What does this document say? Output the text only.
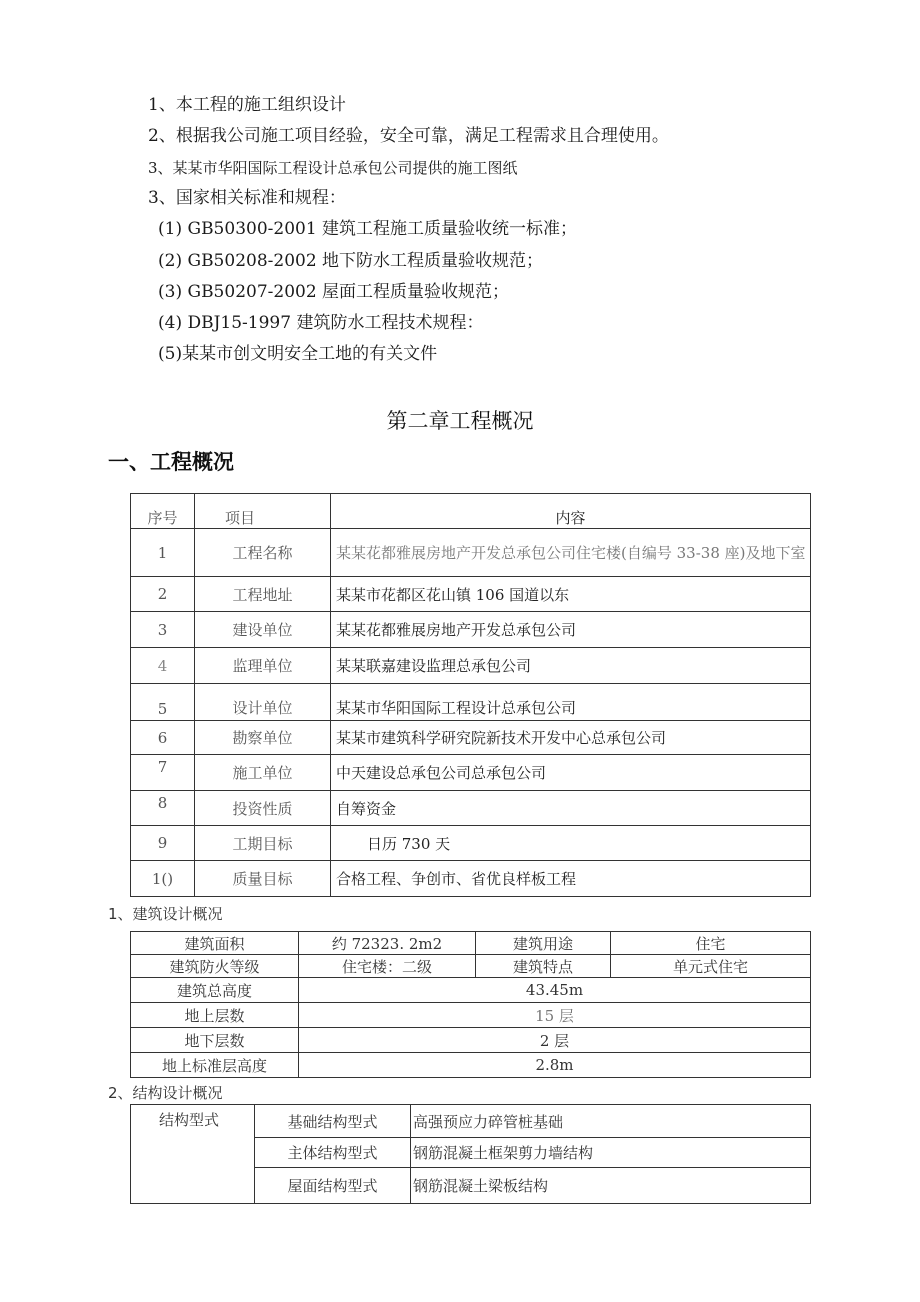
1、本工程的施工组织设计
2、根据我公司施工项目经验，安全可靠，满足工程需求且合理使用。
3、某某市华阳国际工程设计总承包公司提供的施工图纸
3、国家相关标准和规程：
(1) GB50300-2001 建筑工程施工质量验收统一标准；
(2) GB50208-2002 地下防水工程质量验收规范；
(3) GB50207-2002 屋面工程质量验收规范；
(4) DBJ15-1997 建筑防水工程技术规程：
(5)某某市创文明安全工地的有关文件
第二章工程概况
一、工程概况
序号	项目	内容
1	工程名称	某某花都雅展房地产开发总承包公司住宅楼(自编号 33-38 座)及地下室
2	工程地址	某某市花都区花山镇 106 国道以东
3	建设单位	某某花都雅展房地产开发总承包公司
4	监理单位	某某联嘉建设监理总承包公司
5	设计单位	某某市华阳国际工程设计总承包公司
6	勘察单位	某某市建筑科学研究院新技术开发中心总承包公司
7	施工单位	中天建设总承包公司总承包公司
8	投资性质	自筹资金
9	工期目标	日历 730 天
1()	质量目标	合格工程、争创市、省优良样板工程
1、建筑设计概况
建筑面积	约 72323. 2m2	建筑用途	住宅
建筑防火等级	住宅楼：二级	建筑特点	单元式住宅
建筑总高度	43.45m		
地上层数	15 层		
地下层数	2 层		
地上标准层高度	2.8m		
2、结构设计概况
结构型式	基础结构型式	高强预应力碎管桩基础
	主体结构型式	钢筋混凝土框架剪力墙结构
	屋面结构型式	钢筋混凝土梁板结构
